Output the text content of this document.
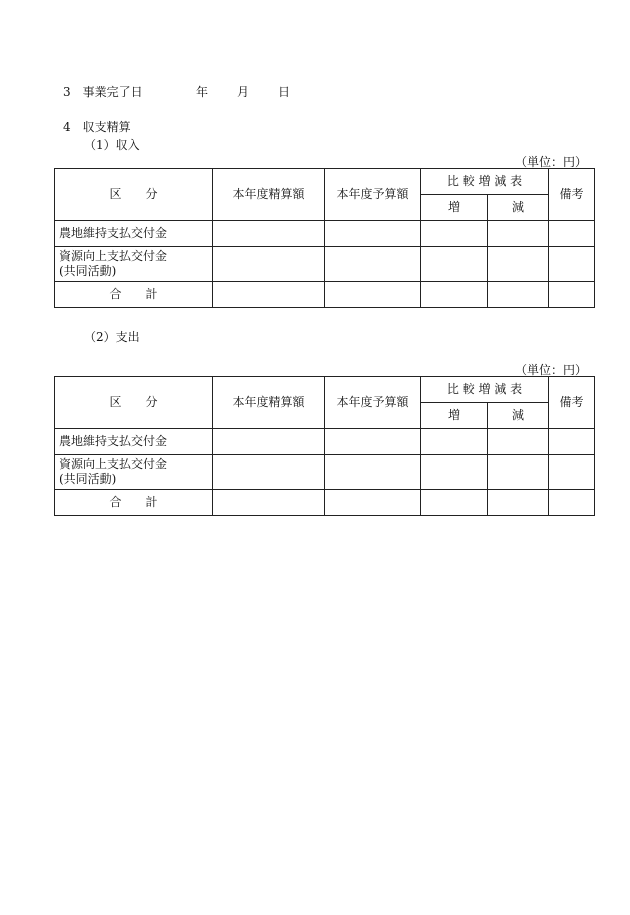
3　事業完了日	年 月 日
4　収支精算
（1）収入
（単位：円）
区　　分	本年度精算額	本年度予算額	比 較 増 減 表		備考
			増	減	
農地維持支払交付金					

資源向上支払交付金
(共同活動)					

合　　計					
（2）支出
（単位：円）
区　　分	本年度精算額	本年度予算額	比 較 増 減 表		備考
			増	減	
農地維持支払交付金					

資源向上支払交付金
(共同活動)					

合　　計					
